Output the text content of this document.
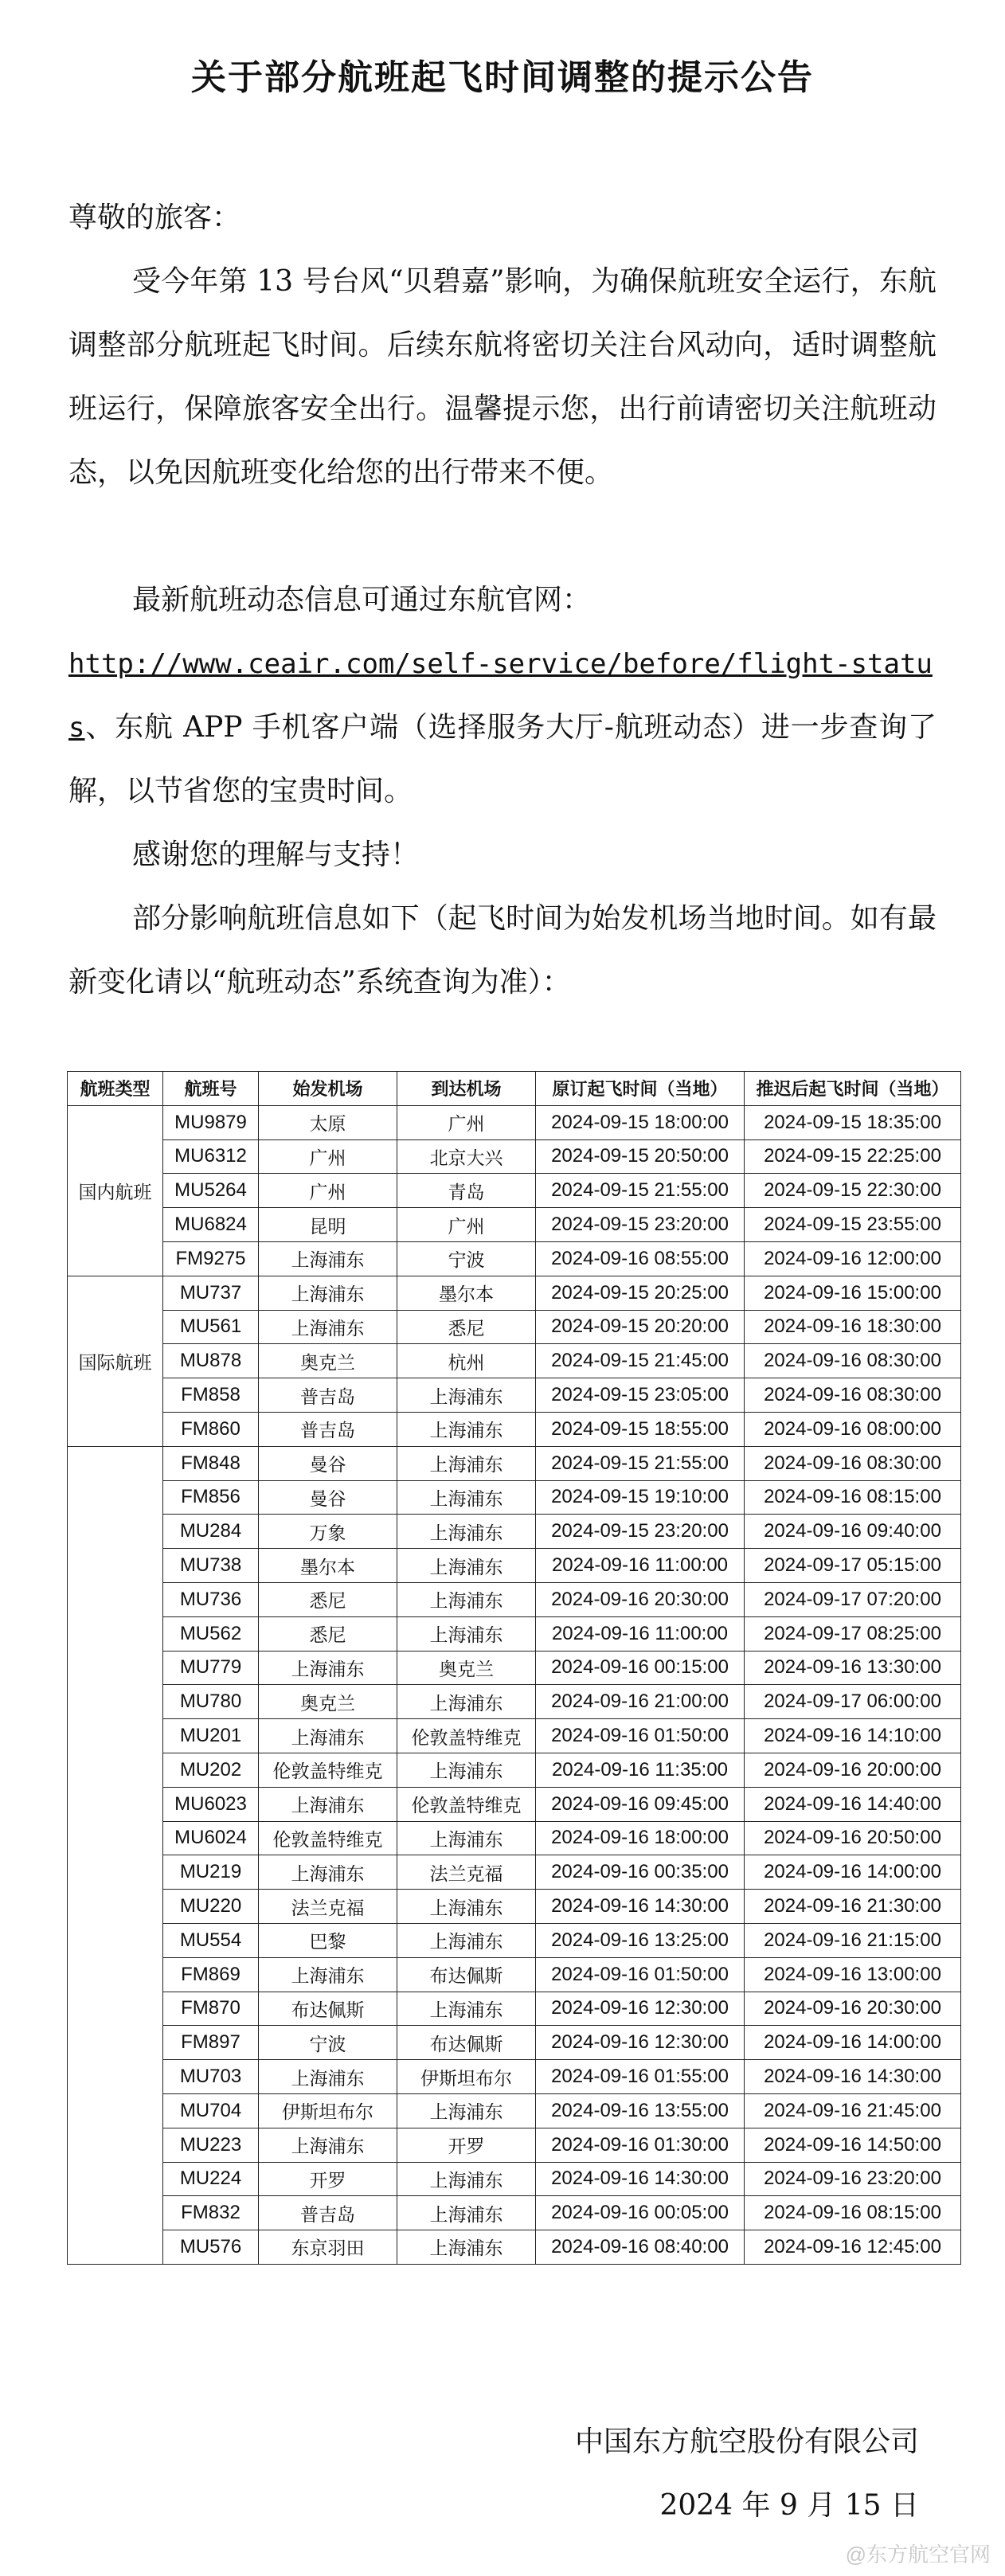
关于部分航班起飞时间调整的提示公告
尊敬的旅客：
受今年第 13 号台风“贝碧嘉”影响，为确保航班安全运行，东航调整部分航班起飞时间。后续东航将密切关注台风动向，适时调整航班运行，保障旅客安全出行。温馨提示您，出行前请密切关注航班动态，以免因航班变化给您的出行带来不便。
最新航班动态信息可通过东航官网：
http://www.ceair.com/self-service/before/flight-status、东航 APP 手机客户端（选择服务大厅-航班动态）进一步查询了解，以节省您的宝贵时间。
感谢您的理解与支持！
部分影响航班信息如下（起飞时间为始发机场当地时间。如有最新变化请以“航班动态”系统查询为准）：
航班类型	航班号	始发机场	到达机场	原订起飞时间（当地）	推迟后起飞时间（当地）
国内航班	MU9879	太原	广州	2024-09-15 18:00:00	2024-09-15 18:35:00
	MU6312	广州	北京大兴	2024-09-15 20:50:00	2024-09-15 22:25:00
	MU5264	广州	青岛	2024-09-15 21:55:00	2024-09-15 22:30:00
	MU6824	昆明	广州	2024-09-15 23:20:00	2024-09-15 23:55:00
	FM9275	上海浦东	宁波	2024-09-16 08:55:00	2024-09-16 12:00:00
国际航班	MU737	上海浦东	墨尔本	2024-09-15 20:25:00	2024-09-16 15:00:00
	MU561	上海浦东	悉尼	2024-09-15 20:20:00	2024-09-16 18:30:00
	MU878	奥克兰	杭州	2024-09-15 21:45:00	2024-09-16 08:30:00
	FM858	普吉岛	上海浦东	2024-09-15 23:05:00	2024-09-16 08:30:00
	FM860	普吉岛	上海浦东	2024-09-15 18:55:00	2024-09-16 08:00:00
	FM848	曼谷	上海浦东	2024-09-15 21:55:00	2024-09-16 08:30:00
	FM856	曼谷	上海浦东	2024-09-15 19:10:00	2024-09-16 08:15:00
	MU284	万象	上海浦东	2024-09-15 23:20:00	2024-09-16 09:40:00
	MU738	墨尔本	上海浦东	2024-09-16 11:00:00	2024-09-17 05:15:00
	MU736	悉尼	上海浦东	2024-09-16 20:30:00	2024-09-17 07:20:00
	MU562	悉尼	上海浦东	2024-09-16 11:00:00	2024-09-17 08:25:00
	MU779	上海浦东	奥克兰	2024-09-16 00:15:00	2024-09-16 13:30:00
	MU780	奥克兰	上海浦东	2024-09-16 21:00:00	2024-09-17 06:00:00
	MU201	上海浦东	伦敦盖特维克	2024-09-16 01:50:00	2024-09-16 14:10:00
	MU202	伦敦盖特维克	上海浦东	2024-09-16 11:35:00	2024-09-16 20:00:00
	MU6023	上海浦东	伦敦盖特维克	2024-09-16 09:45:00	2024-09-16 14:40:00
	MU6024	伦敦盖特维克	上海浦东	2024-09-16 18:00:00	2024-09-16 20:50:00
	MU219	上海浦东	法兰克福	2024-09-16 00:35:00	2024-09-16 14:00:00
	MU220	法兰克福	上海浦东	2024-09-16 14:30:00	2024-09-16 21:30:00
	MU554	巴黎	上海浦东	2024-09-16 13:25:00	2024-09-16 21:15:00
	FM869	上海浦东	布达佩斯	2024-09-16 01:50:00	2024-09-16 13:00:00
	FM870	布达佩斯	上海浦东	2024-09-16 12:30:00	2024-09-16 20:30:00
	FM897	宁波	布达佩斯	2024-09-16 12:30:00	2024-09-16 14:00:00
	MU703	上海浦东	伊斯坦布尔	2024-09-16 01:55:00	2024-09-16 14:30:00
	MU704	伊斯坦布尔	上海浦东	2024-09-16 13:55:00	2024-09-16 21:45:00
	MU223	上海浦东	开罗	2024-09-16 01:30:00	2024-09-16 14:50:00
	MU224	开罗	上海浦东	2024-09-16 14:30:00	2024-09-16 23:20:00
	FM832	普吉岛	上海浦东	2024-09-16 00:05:00	2024-09-16 08:15:00
	MU576	东京羽田	上海浦东	2024-09-16 08:40:00	2024-09-16 12:45:00
中国东方航空股份有限公司
2024 年 9 月 15 日
@东方航空官网
